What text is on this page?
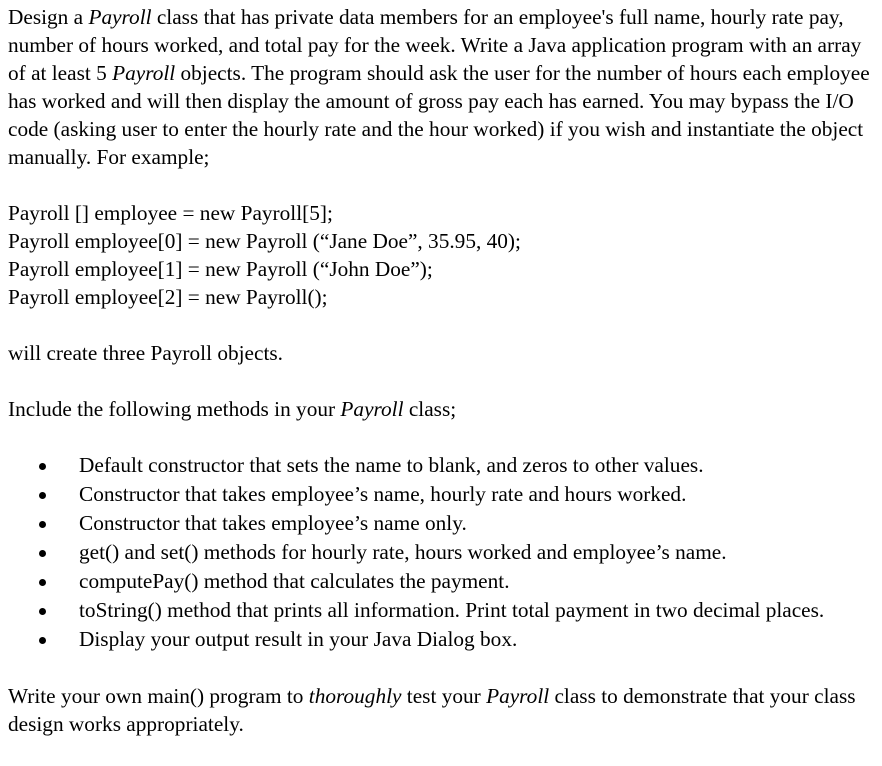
Design a Payroll class that has private data members for an employee's full name, hourly rate pay, number of hours worked, and total pay for the week. Write a Java application program with an array of at least 5 Payroll objects. The program should ask the user for the number of hours each employee has worked and will then display the amount of gross pay each has earned. You may bypass the I/O code (asking user to enter the hourly rate and the hour worked) if you wish and instantiate the object manually. For example;

Payroll [] employee = new Payroll[5];

Payroll employee[0] = new Payroll (“Jane Doe”, 35.95, 40);

Payroll employee[1] = new Payroll (“John Doe”);

Payroll employee[2] = new Payroll();

will create three Payroll objects.

Include the following methods in your Payroll class;

Default constructor that sets the name to blank, and zeros to other values.
Constructor that takes employee’s name, hourly rate and hours worked.
Constructor that takes employee’s name only.
get() and set() methods for hourly rate, hours worked and employee’s name.
computePay() method that calculates the payment.
toString() method that prints all information. Print total payment in two decimal places.
Display your output result in your Java Dialog box.

Write your own main() program to thoroughly test your Payroll class to demonstrate that your class design works appropriately.
